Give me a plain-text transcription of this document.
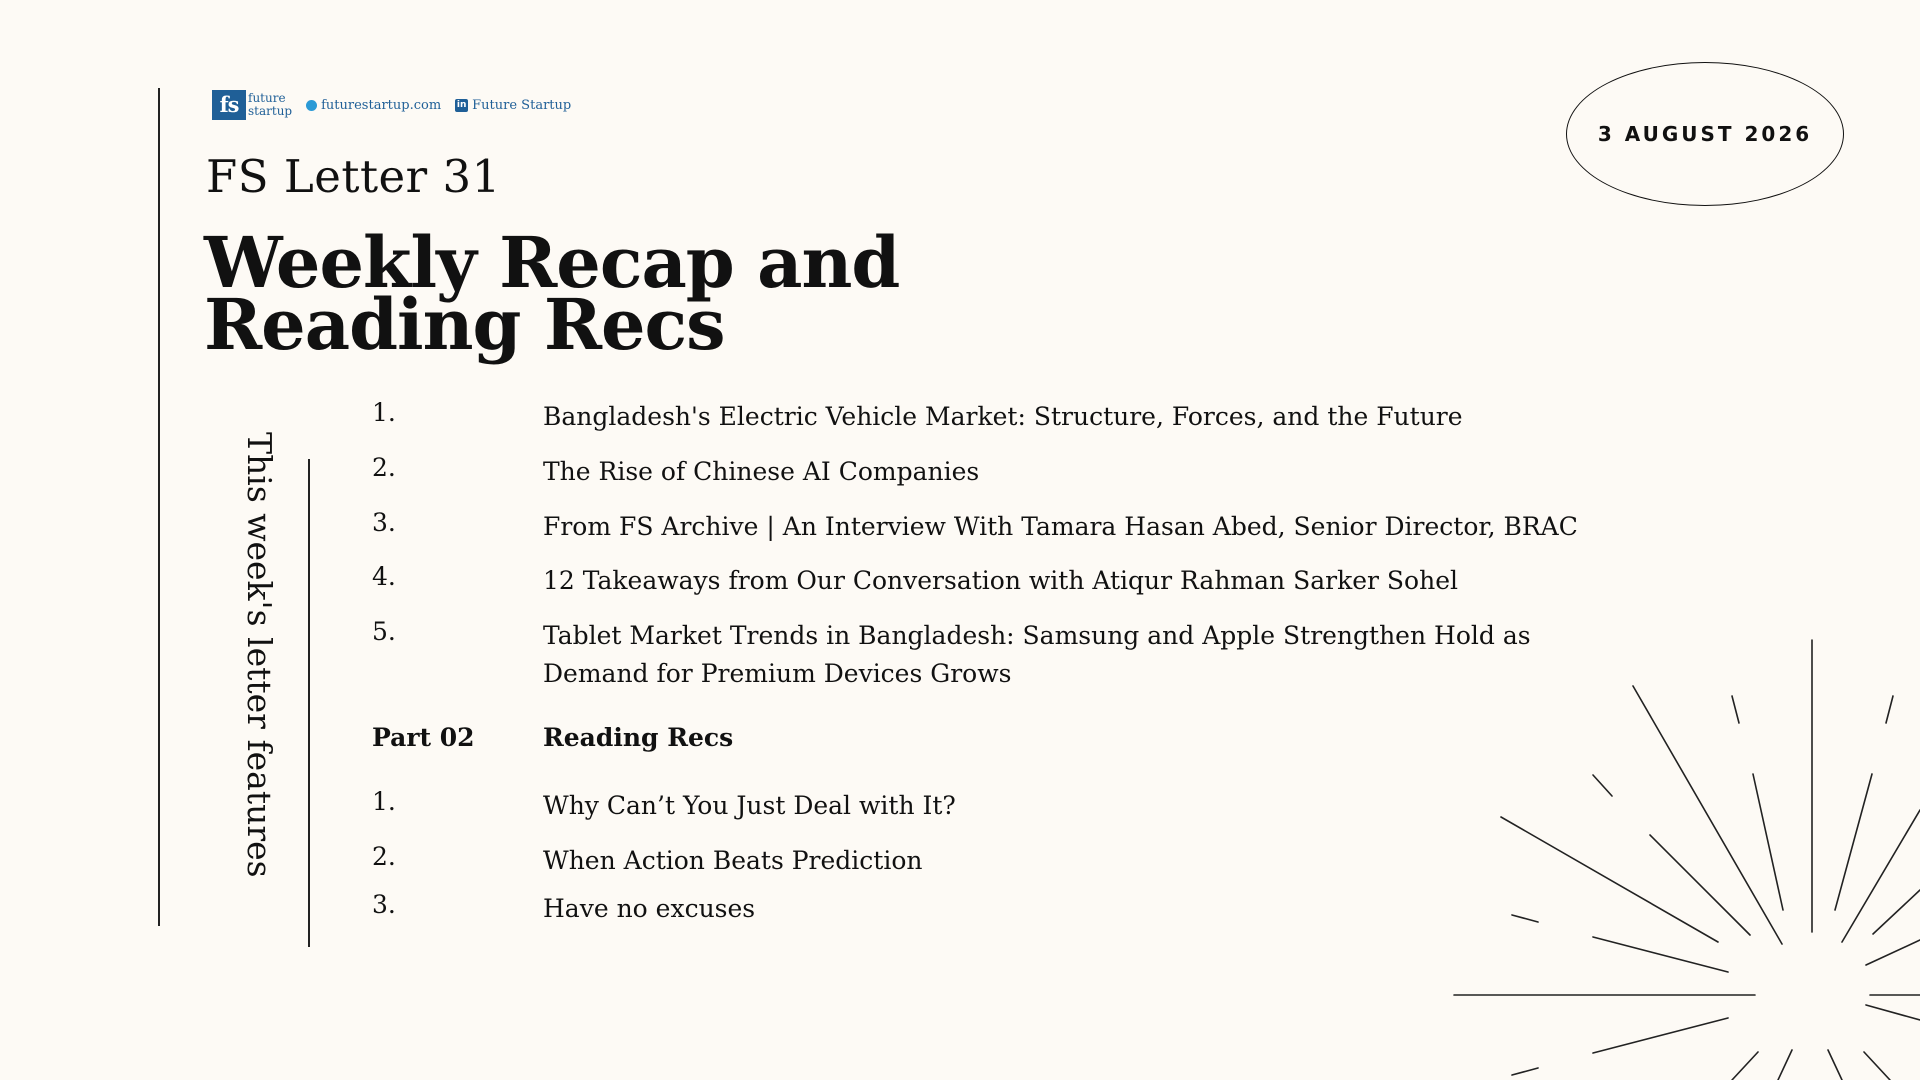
fs future
startup futurestartup.com in Future Startup
3 AUGUST 2026
FS Letter 31
Weekly Recap and
Reading Recs
This week's letter features
1.	Bangladesh's Electric Vehicle Market: Structure, Forces, and the Future
2.	The Rise of Chinese AI Companies
3.	From FS Archive | An Interview With Tamara Hasan Abed, Senior Director, BRAC
4.	12 Takeaways from Our Conversation with Atiqur Rahman Sarker Sohel
5.	Tablet Market Trends in Bangladesh: Samsung and Apple Strengthen Hold as Demand for Premium Devices Grows
Part 02	Reading Recs
1.	Why Can’t You Just Deal with It?
2.	When Action Beats Prediction
3.	Have no excuses
